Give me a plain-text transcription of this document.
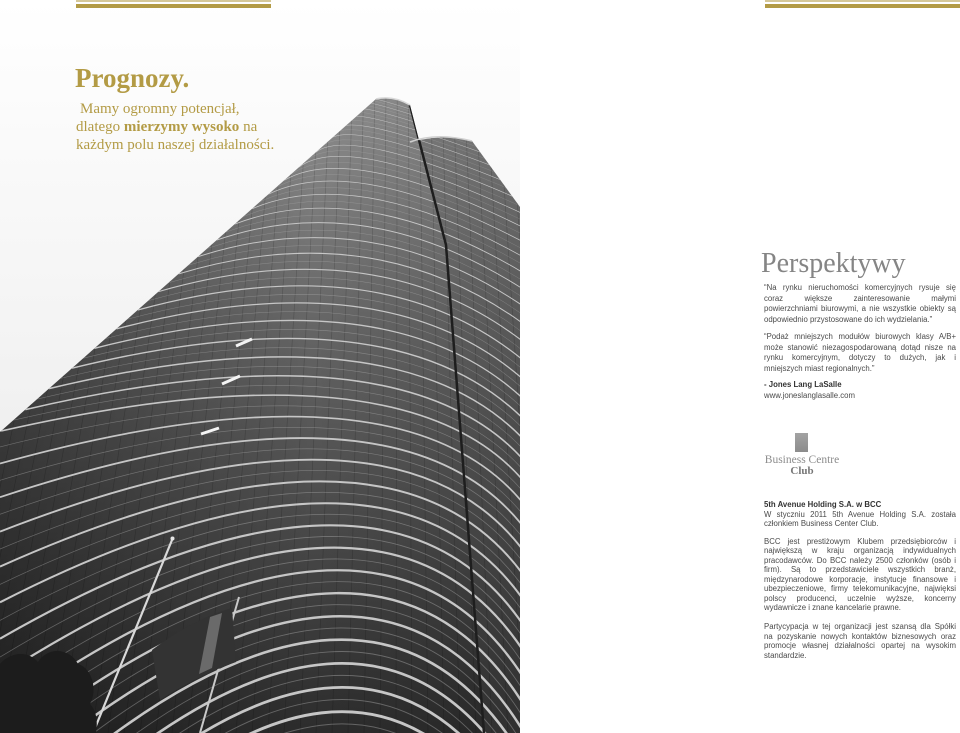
Prognozy.

Mamy ogromny potencjał,
dlatego mierzymy wysoko na
każdym polu naszej działalności.

Perspektywy
“Na rynku nieruchomości komercyjnych rysuje się
coraz większe zainteresowanie małymi
powierzchniami biurowymi, a nie wszystkie obiekty są
odpowiednio przystosowane do ich wydzielania.”
“Podaż mniejszych modułów biurowych klasy A/B+
może stanowić niezagospodarowaną dotąd nisze na
rynku komercyjnym, dotyczy to dużych, jak i
mniejszych miast regionalnych.”
- Jones Lang LaSalle
www.joneslanglasalle.com
Business Centre
Club
5th Avenue Holding S.A. w BCC
W styczniu 2011 5th Avenue Holding S.A. została
członkiem Business Center Club.
BCC jest prestiżowym Klubem przedsiębiorców i
największą w kraju organizacją indywidualnych
pracodawców. Do BCC należy 2500 członków (osób i
firm). Są to przedstawiciele wszystkich branż,
międzynarodowe korporacje, instytucje finansowe i
ubezpieczeniowe, firmy telekomunikacyjne, najwięksi
polscy producenci, uczelnie wyższe, koncerny
wydawnicze i znane kancelarie prawne.
Partycypacja w tej organizacji jest szansą dla Spółki
na pozyskanie nowych kontaktów biznesowych oraz
promocje własnej działalności opartej na wysokim
standardzie.
